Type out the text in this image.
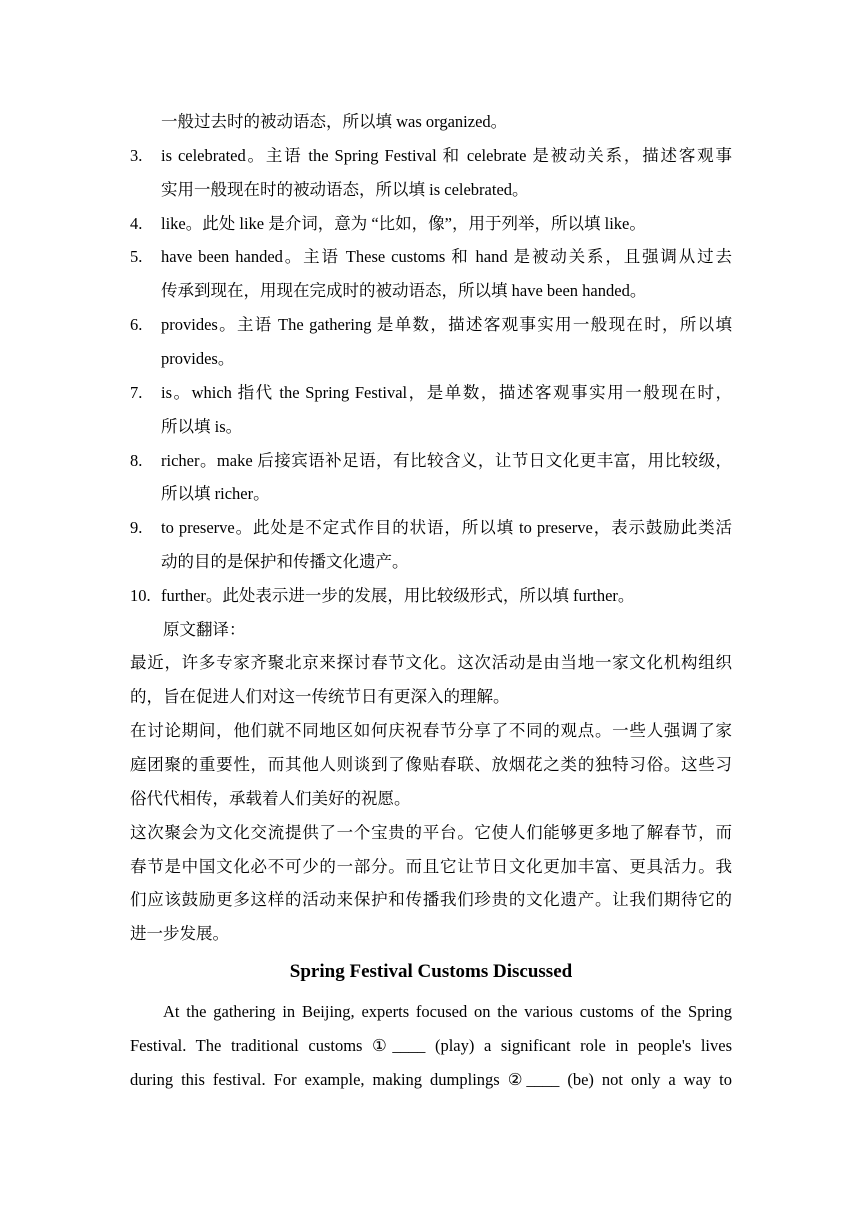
一般过去时的被动语态，所以填 was organized。
3. is celebrated。主语 the Spring Festival 和 celebrate 是被动关系，描述客观事
实用一般现在时的被动语态，所以填 is celebrated。
4. like。此处 like 是介词，意为 “比如，像”，用于列举，所以填 like。
5. have been handed。主语 These customs 和 hand 是被动关系，且强调从过去
传承到现在，用现在完成时的被动语态，所以填 have been handed。
6. provides。主语 The gathering 是单数，描述客观事实用一般现在时，所以填
provides。
7. is。which 指代 the Spring Festival，是单数，描述客观事实用一般现在时，
所以填 is。
8. richer。make 后接宾语补足语，有比较含义，让节日文化更丰富，用比较级，
所以填 richer。
9. to preserve。此处是不定式作目的状语，所以填 to preserve，表示鼓励此类活
动的目的是保护和传播文化遗产。
10. further。此处表示进一步的发展，用比较级形式，所以填 further。
原文翻译：
最近，许多专家齐聚北京来探讨春节文化。这次活动是由当地一家文化机构组织
的，旨在促进人们对这一传统节日有更深入的理解。
在讨论期间，他们就不同地区如何庆祝春节分享了不同的观点。一些人强调了家
庭团聚的重要性，而其他人则谈到了像贴春联、放烟花之类的独特习俗。这些习
俗代代相传，承载着人们美好的祝愿。
这次聚会为文化交流提供了一个宝贵的平台。它使人们能够更多地了解春节，而
春节是中国文化必不可少的一部分。而且它让节日文化更加丰富、更具活力。我
们应该鼓励更多这样的活动来保护和传播我们珍贵的文化遗产。让我们期待它的
进一步发展。
Spring Festival Customs Discussed
At the gathering in Beijing, experts focused on the various customs of the Spring
Festival. The traditional customs ①____ (play) a significant role in people's lives
during this festival. For example, making dumplings ②____ (be) not only a way to
